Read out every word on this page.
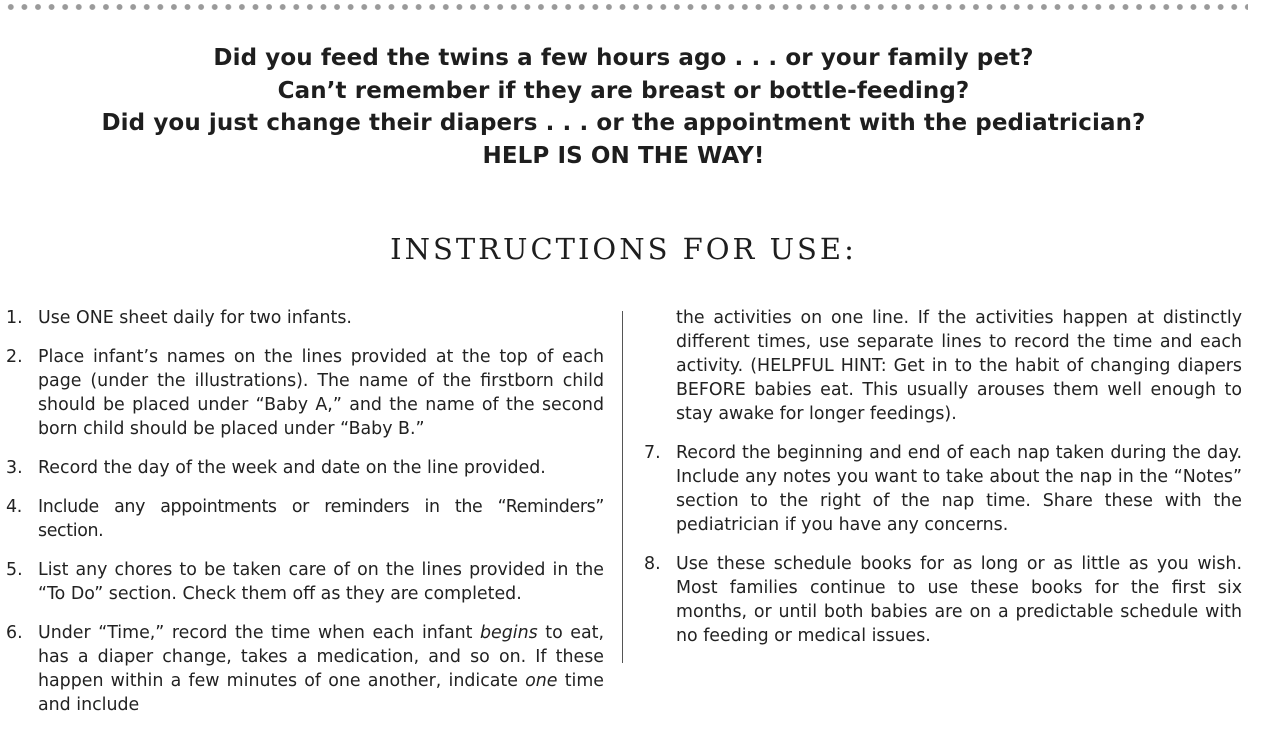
Did you feed the twins a few hours ago . . . or your family pet?
Can’t remember if they are breast or bottle-feeding?
Did you just change their diapers . . . or the appointment with the pediatrician?
HELP IS ON THE WAY!
INSTRUCTIONS FOR USE:
1. Use ONE sheet daily for two infants.
2. Place infant’s names on the lines provided at the top of each page (under the illustrations). The name of the firstborn child should be placed under “Baby A,” and the name of the second born child should be placed under “Baby B.”
3. Record the day of the week and date on the line provided.
4. Include any appointments or reminders in the “Reminders” section.
5. List any chores to be taken care of on the lines provided in the “To Do” section. Check them off as they are completed.
6. Under “Time,” record the time when each infant begins to eat, has a diaper change, takes a medication, and so on. If these happen within a few minutes of one another, indicate one time and include
the activities on one line. If the activities happen at distinctly different times, use separate lines to record the time and each activity. (HELPFUL HINT: Get in to the habit of changing diapers BEFORE babies eat. This usually arouses them well enough to stay awake for longer feedings).
7. Record the beginning and end of each nap taken during the day. Include any notes you want to take about the nap in the “Notes” section to the right of the nap time. Share these with the pediatrician if you have any concerns.
8. Use these schedule books for as long or as little as you wish. Most families continue to use these books for the first six months, or until both babies are on a predictable schedule with no feeding or medical issues.
